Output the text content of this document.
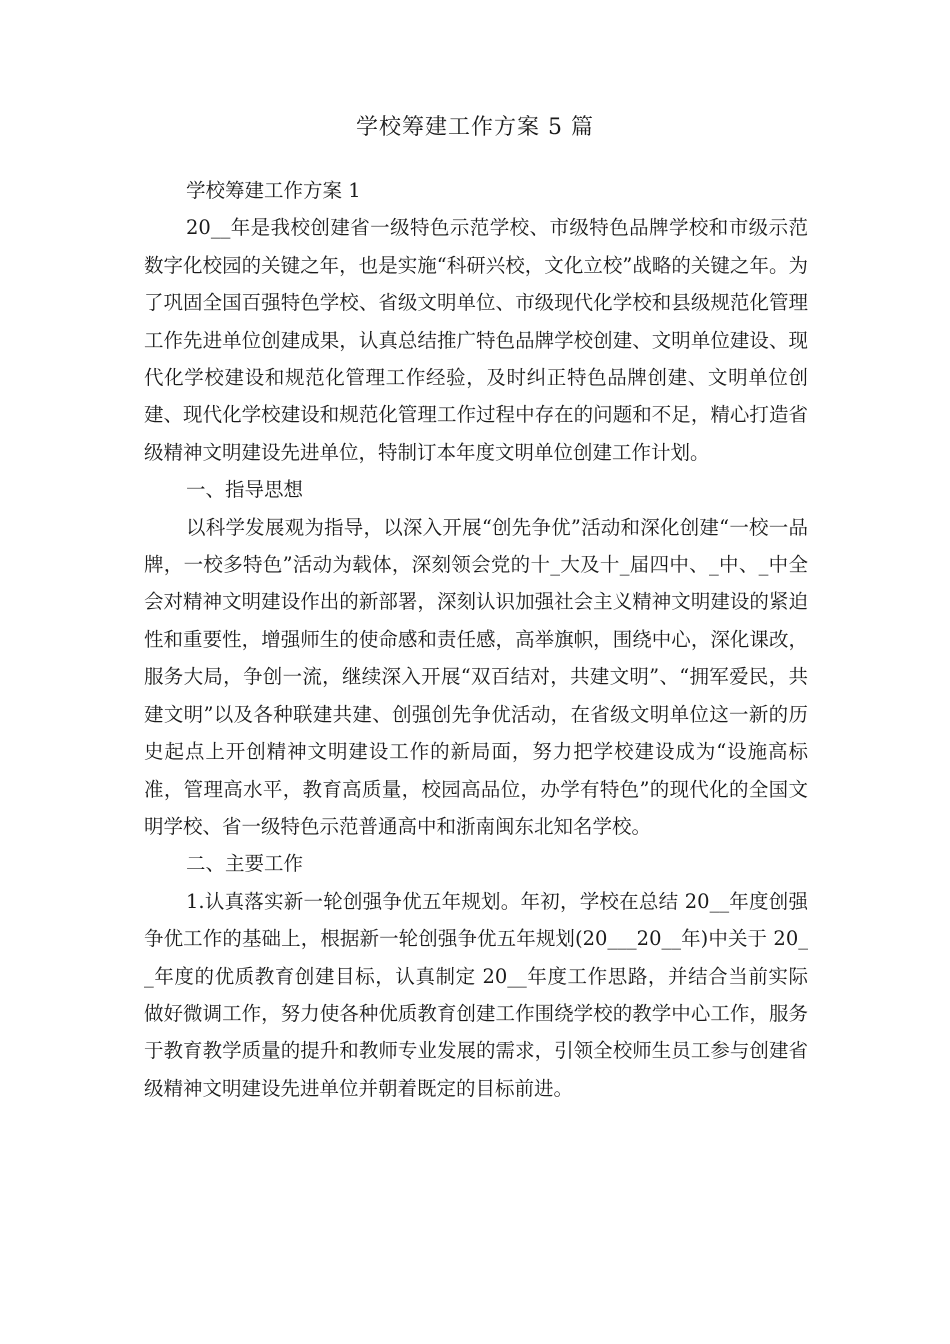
学校筹建工作方案 5 篇

学校筹建工作方案 1

20__年是我校创建省一级特色示范学校、市级特色品牌学校和市级示范数字化校园的关键之年，也是实施“科研兴校，文化立校”战略的关键之年。为了巩固全国百强特色学校、省级文明单位、市级现代化学校和县级规范化管理工作先进单位创建成果，认真总结推广特色品牌学校创建、文明单位建设、现代化学校建设和规范化管理工作经验，及时纠正特色品牌创建、文明单位创建、现代化学校建设和规范化管理工作过程中存在的问题和不足，精心打造省级精神文明建设先进单位，特制订本年度文明单位创建工作计划。

一、指导思想

以科学发展观为指导，以深入开展“创先争优”活动和深化创建“一校一品牌，一校多特色”活动为载体，深刻领会党的十_大及十_届四中、_中、_中全会对精神文明建设作出的新部署，深刻认识加强社会主义精神文明建设的紧迫性和重要性，增强师生的使命感和责任感，高举旗帜，围绕中心，深化课改，服务大局，争创一流，继续深入开展“双百结对，共建文明”、“拥军爱民，共建文明”以及各种联建共建、创强创先争优活动，在省级文明单位这一新的历史起点上开创精神文明建设工作的新局面，努力把学校建设成为“设施高标准，管理高水平，教育高质量，校园高品位，办学有特色”的现代化的全国文明学校、省一级特色示范普通高中和浙南闽东北知名学校。

二、主要工作

1.认真落实新一轮创强争优五年规划。年初，学校在总结 20__年度创强争优工作的基础上，根据新一轮创强争优五年规划(20___20__年)中关于 20__年度的优质教育创建目标，认真制定 20__年度工作思路，并结合当前实际做好微调工作，努力使各种优质教育创建工作围绕学校的教学中心工作，服务于教育教学质量的提升和教师专业发展的需求，引领全校师生员工参与创建省级精神文明建设先进单位并朝着既定的目标前进。
